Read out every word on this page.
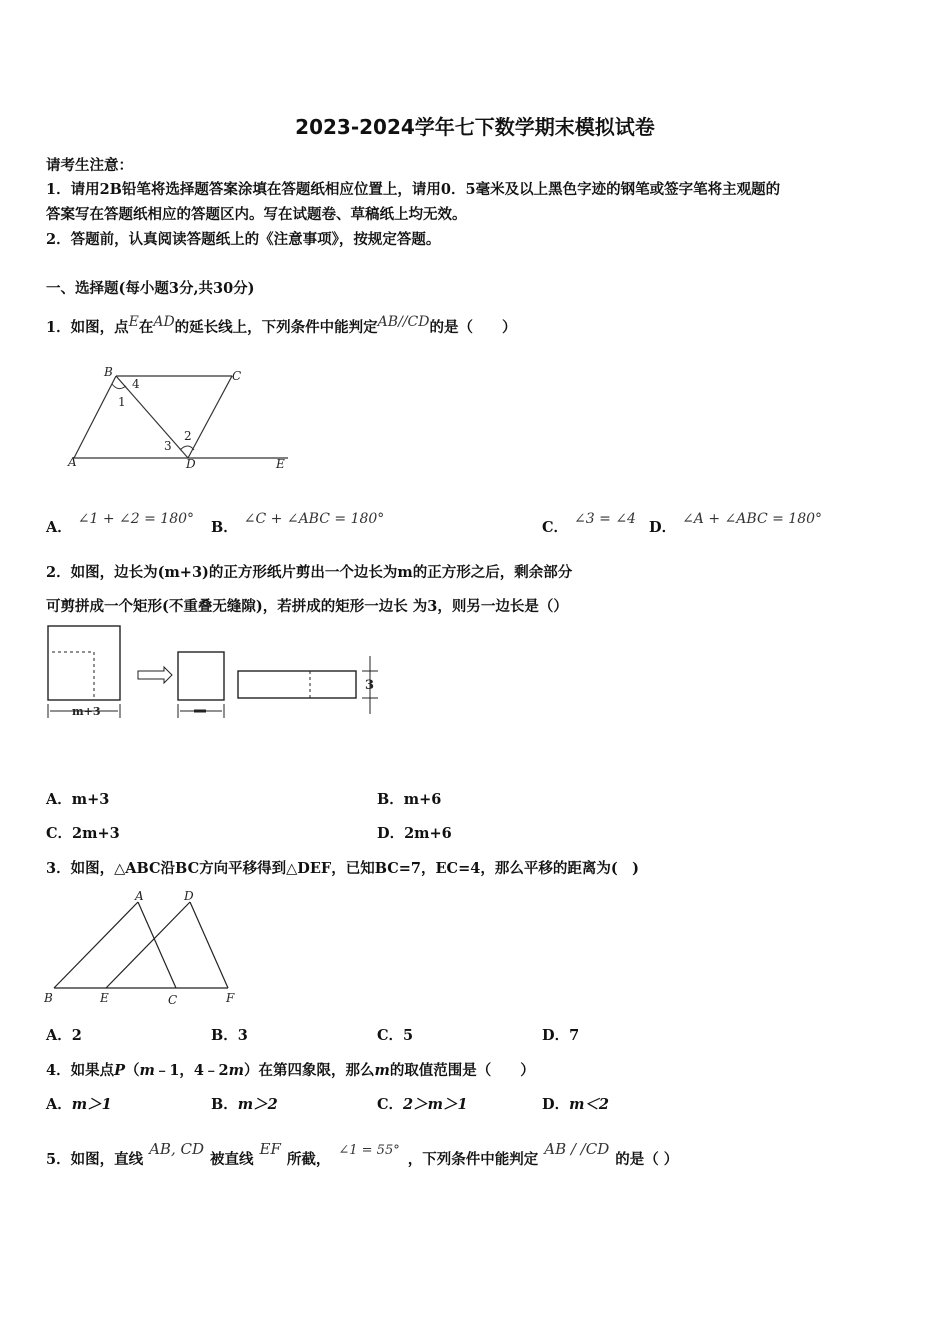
2023-2024学年七下数学期末模拟试卷
请考生注意：
1．请用2B铅笔将选择题答案涂填在答题纸相应位置上，请用0．5毫米及以上黑色字迹的钢笔或签字笔将主观题的
答案写在答题纸相应的答题区内。写在试题卷、草稿纸上均无效。
2．答题前，认真阅读答题纸上的《注意事项》，按规定答题。
一、选择题(每小题3分,共30分)
1．如图，点E在AD的延长线上，下列条件中能判定AB//CD的是（　　）
B	C
A	D	E
1
2
3
4
A． ∠1 + ∠2 = 180° B． ∠C + ∠ABC = 180°	C． ∠3 = ∠4 D． ∠A + ∠ABC = 180°
2．如图，边长为(m+3)的正方形纸片剪出一个边长为m的正方形之后，剩余部分
可剪拼成一个矩形(不重叠无缝隙)，若拼成的矩形一边长 为3，则另一边长是（）
m+3
3
A．m+3	B．m+6
C．2m+3	D．2m+6
3．如图，△ABC沿BC方向平移得到△DEF，已知BC=7，EC=4，那么平移的距离为(　)
A	D
B	E	C	F
A．2	B．3	C．5	D．7
4．如果点P（m﹣1，4﹣2m）在第四象限，那么m的取值范围是（　　）
A．m＞1	B．m＞2	C．2＞m＞1	D．m＜2
5．如图，直线AB, CD被直线EF所截，∠1 = 55°，下列条件中能判定AB / /CD的是（ ）
